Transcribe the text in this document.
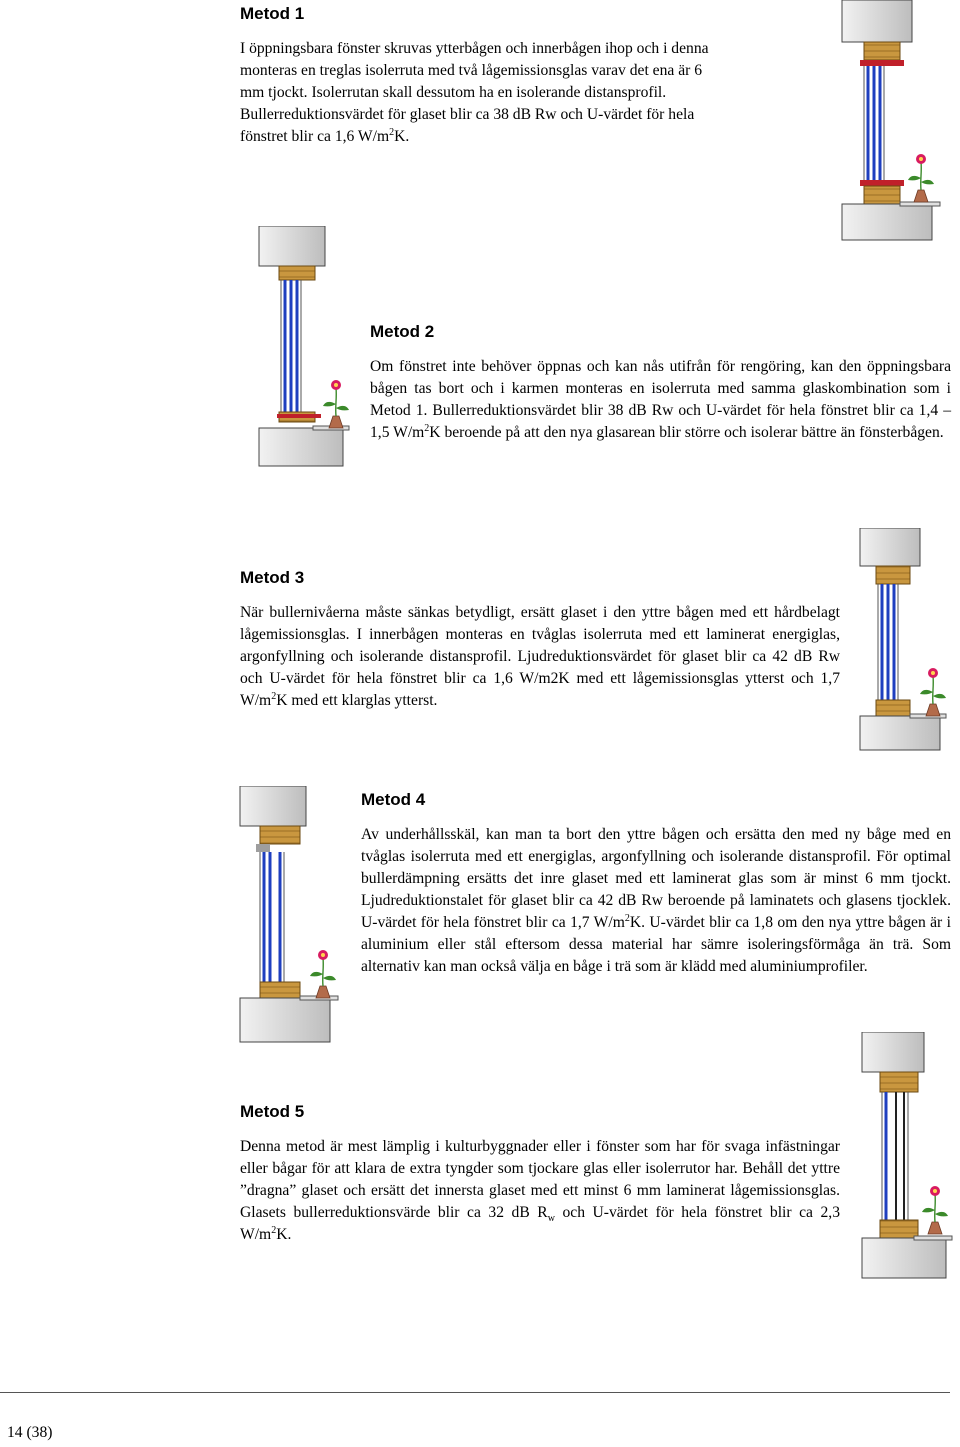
Metod 1

I öppningsbara fönster skruvas ytterbågen och innerbågen ihop och i denna
monteras en treglas isolerruta med två lågemissionsglas varav det ena är 6
mm tjockt. Isolerrutan skall dessutom ha en isolerande distansprofil.
Bullerreduktionsvärdet för glaset blir ca 38 dB Rw och U-värdet för hela
fönstret blir ca 1,6 $W/m^2K$.

Metod 2

Om fönstret inte behöver öppnas och kan nås utifrån för rengöring, kan den öppningsbara bågen tas bort och i karmen monteras en isolerruta med samma glaskombination som i Metod 1. Bullerreduktionsvärdet blir 38 dB Rw och U-värdet för hela fönstret blir ca 1,4 – 1,5 $W/m^2K$ beroende på att den nya glasarean blir större och isolerar bättre än fönsterbågen.

Metod 3

När bullernivåerna måste sänkas betydligt, ersätt glaset i den yttre bågen med ett hårdbelagt lågemissionsglas. I innerbågen monteras en tvåglas isolerruta med ett laminerat energiglas, argonfyllning och isolerande distansprofil. Ljudreduktionsvärdet för glaset blir ca 42 dB Rw och U-värdet för hela fönstret blir ca 1,6 W/m2K med ett lågemissionsglas ytterst och 1,7 $W/m^2K$ med ett klarglas ytterst.

Metod 4

Av underhållsskäl, kan man ta bort den yttre bågen och ersätta den med ny båge med en tvåglas isolerruta med ett energiglas, argonfyllning och isolerande distansprofil. För optimal bullerdämpning ersätts det inre glaset med ett laminerat glas som är minst 6 mm tjockt. Ljudreduktionstalet för glaset blir ca 42 dB Rw beroende på laminatets och glasens tjocklek. U-värdet för hela fönstret blir ca 1,7 $W/m^2K$. U-värdet blir ca 1,8 om den nya yttre bågen är i aluminium eller stål eftersom dessa material har sämre isoleringsförmåga än trä. Som alternativ kan man också välja en båge i trä som är klädd med aluminiumprofiler.

Metod 5

Denna metod är mest lämplig i kulturbyggnader eller i fönster som har för svaga infästningar eller bågar för att klara de extra tyngder som tjockare glas eller isolerrutor har. Behåll det yttre ”dragna” glaset och ersätt det innersta glaset med ett minst 6 mm laminerat lågemissionsglas. Glasets bullerreduktionsvärde blir ca 32 dB $R_w$ och U-värdet för hela fönstret blir ca 2,3 $W/m^2K$.

14 (38)
